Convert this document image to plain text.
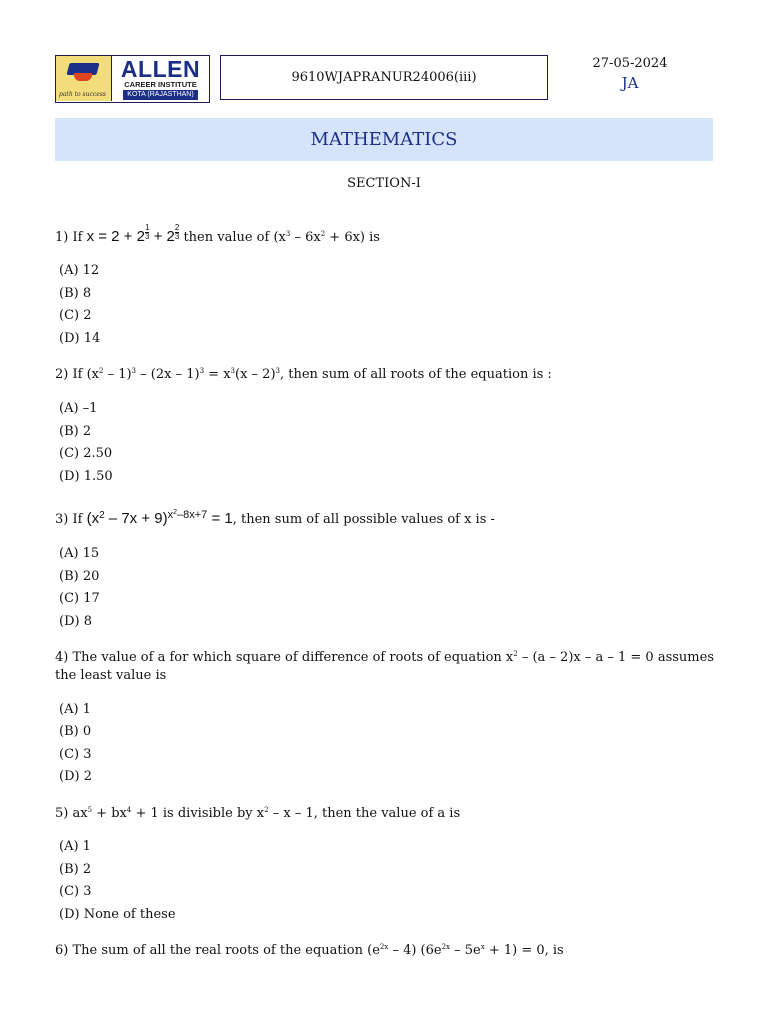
path to success
ALLEN
CAREER INSTITUTE
KOTA (RAJASTHAN)
9610WJAPRANUR24006(iii)
27-05-2024
JA
MATHEMATICS
SECTION-I
1) If $x = 2 + 2 \frac{1}{3} + 2 \frac{2}{3}$ then value of $(x^3 - 6x^2 + 6x)$ is
(A) 12
(B) 8
(C) 2
(D) 14
2) If $(x^2 - 1)^3 - (2x - 1)^3 = x^3(x - 2)^3$, then sum of all roots of the equation is :
(A) –1
(B) 2
(C) 2.50
(D) 1.50
3) If $(x^2 - 7x + 9)^{x^2-8x+7} = 1$, then sum of all possible values of x is -
(A) 15
(B) 20
(C) 17
(D) 8
4) The value of a for which square of difference of roots of equation $x^2 - (a - 2)x - a - 1 = 0$ assumes the least value is
(A) 1
(B) 0
(C) 3
(D) 2
5) $ax^5 + bx^4 + 1$ is divisible by $x^2$ – x – 1, then the value of a is
(A) 1
(B) 2
(C) 3
(D) None of these
6) The sum of all the real roots of the equation $(e^{2x} - 4)$ $(6e^{2x} - 5e^x + 1) = 0$, is
